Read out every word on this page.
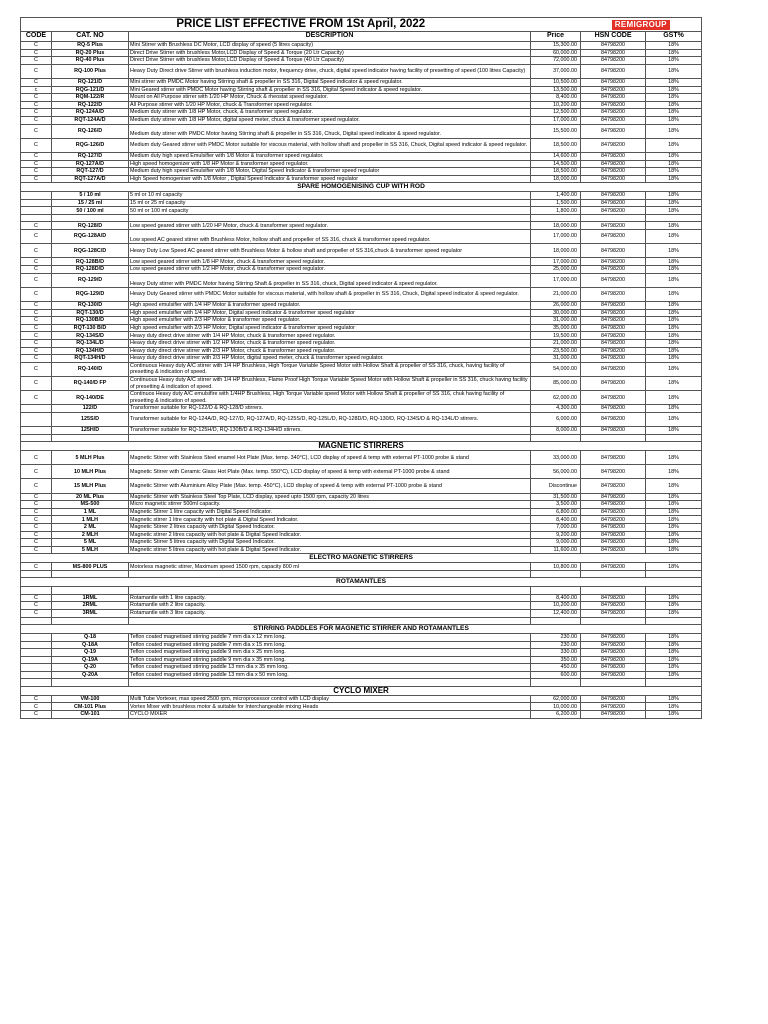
PRICE LIST EFFECTIVE FROM 1St April, 2022				REMIGROUP	
CODE	CAT. NO	DESCRIPTION	Price	HSN CODE	GST%
C	RQ-5 Plus	Mini Stirrer with Brushless DC Motor, LCD display of speed (5 litres capacity)	15,300.00	84798200	18%
C	RQ-20 Plus	Direct Drive Stirrer with brushless Motor,LCD Display of Speed & Torque (20 Ltr Capacity)	60,000.00	84798200	18%
C	RQ-40 Plus	Direct Drive Stirrer with brushless Motor,LCD Display of Speed & Torque (40 Ltr Capacity)	72,000.00	84798200	18%
C	RQ-100 Plus	Heavy Duty Direct drive Stirrer with brushless induction motor, frequency drive, chuck, digital speed indicator having facility of presetting of speed (100 litres Capacity)	37,000.00	84798200	18%
C	RQ-121/D	Mini stirrer with PMDC Motor having Stirring shaft & propeller in SS 316, Digital Speed indicator & speed regulator.	10,500.00	84798200	18%
c	RQG-121/D	Mini Geared stirrer with PMDC Motor having Stirring shaft & propeller in SS 316, Digital Speed indicator & speed regulator.	13,500.00	84798200	18%
C	RQM-122/R	Mount on All Purpose stirrer with 1/20 HP Motor, Chuck & rheostat speed regulator.	8,400.00	84798200	18%
C	RQ-122/D	All Purpose stirrer with 1/20 HP Motor, chuck & Transformer speed regulator.	10,200.00	84798200	18%
C	RQ-124A/D	Medium duty stirrer with 1/8 HP Motor, chuck, & transformer speed regulator.	12,500.00	84798200	18%
C	RQT-124A/D	Medium duty stirrer with 1/8 HP Motor, digital speed meter, chuck & transformer speed regulator.	17,000.00	84798200	18%
C	RQ-126/D	Medium duty stirrer with PMDC Motor having Stirring shaft & propeller in SS 316, Chuck, Digital speed indicator & speed regulator.	15,500.00	84798200	18%
C	RQG-126/D	Medium duty Geared stirrer with PMDC Motor suitable for viscous material, with hollow shaft and propeller in SS 316, Chuck, Digital speed indicator & speed regulator.	18,500.00	84798200	18%
C	RQ-127/D	Medium duty high speed Emulsifier with 1/8 Motor & transformer speed regulator.	14,600.00	84798200	18%
C	RQ-127A/D	High speed homogenizer with 1/8 HP Motor & transformer speed regulator.	14,500.00	84798200	18%
C	RQT-127/D	Medium duty high speed Emulsifier with 1/8 Motor, Digital Speed Indicator & transformer speed regulator	18,500.00	84798200	18%
C	RQT-127A/D	High Speed homogeniser with 1/8 Motor , Digital Speed Indicator & transformer speed regulator	18,000.00	84798200	18%
SPARE HOMOGENISING CUP WITH ROD					
	5 / 10 ml	5 ml or 10 ml capacity	1,400.00	84798200	18%
	15 / 25 ml	15 ml or 25 ml capacity	1,500.00	84798200	18%
	50 / 100 ml	50 ml or 100 ml capacity	1,800.00	84798200	18%

C	RQ-128/D	Low speed geared stirrer with 1/20 HP Motor, chuck & transformer speed regulator.	18,000.00	84798200	18%
C	RQG-128A/D	Low speed AC geared stirrer with Brushless Motor, hollow shaft and propeller of SS 316, chuck & transformer speed regulator.	17,000.00	84798200	18%
C	RQG-128C/D	Heavy Duty Low Speed AC geared stirrer with Brushless Motor & hollow shaft and propeller of SS 316,chuck & transformer speed regulator	18,000.00	84798200	18%
C	RQ-128B/D	Low speed geared stirrer with 1/8 HP Motor, chuck & transformer speed regulator.	17,000.00	84798200	18%
C	RQ-128D/D	Low speed geared stirrer with 1/2 HP Motor, chuck & transformer speed regulator.	25,000.00	84798200	18%
C	RQ-129/D	Heavy Duty stirrer with PMDC Motor having Stirring Shaft & propeller in SS 316, chuck, Digital speed indicator & speed regulator.	17,000.00	84798200	18%
C	RQG-129/D	Heavy Duty Geared stirrer with PMDC Motor suitable for viscous material, with hollow shaft & propeller in SS 316, Chuck, Digital speed indicator & speed regulator.	21,000.00	84798200	18%
C	RQ-130/D	High speed emulsifier with 1/4 HP Motor & transformer speed regulator.	26,000.00	84798200	18%
C	RQT-130/D	High speed emulsifier with 1/4 HP Motor, Digital speed indicator & transformer speed regulator	30,000.00	84798200	18%
C	RQ-130B/D	High speed emulsifier with 2/3 HP Motor & transformer speed regulator.	31,000.00	84798200	18%
C	RQT-130 B/D	High speed emulsifier with 2/3 HP Motor, Digital speed indicator & transformer speed regulator	35,000.00	84798200	18%
C	RQ-134S/D	Heavy duty direct drive stirrer with 1/4 HP Motor, chuck & transformer speed regulator.	19,500.00	84798200	18%
C	RQ-134L/D	Heavy duty direct drive stirrer with 1/2 HP Motor, chuck & transformer speed regulator.	21,000.00	84798200	18%
C	RQ-134H/D	Heavy duty direct drive stirrer with 2/3 HP Motor, chuck & transformer speed regulator.	23,500.00	84798200	18%
C	RQT-134H/D	Heavy duty direct drive stirrer with 2/3 HP Motor, digital speed meter, chuck & transformer speed regulator.	31,000.00	84798200	18%
C	RQ-140/D	Continuous Heavy duty A/C stirrer with 1/4 HP Brushless, High Torque Variable Speed Motor with Hollow Shaft & propeller of SS 316, chuck, having facility of presetting & indication of speed.	54,000.00	84798200	18%
C	RQ-140/D FP	Continuous Heavy duty A/C stirrer with 1/4 HP Brushless, Flame Proof High Torque Variable Speed Motor with Hollow Shaft & propeller in SS 316, chuck having facility of presetting & indication of speed.	85,000.00	84798200	18%
C	RQ-140/DE	Continuos Heavy duty A/C emulsifire with 1/4HP Brushless, High Torque Variable speed Motor with Hollow Shaft & propeller of SS 316, chuk having facility of presetting & indication of speed.	62,000.00	84798200	18%
	122/D	Transformer suitable for RQ-122/D & RQ-128/D stirrers.	4,300.00	84798200	18%
	125S/D	Transformer suitable for RQ-124A/D, RQ-127/D, RQ-127A/D, RQ-125S/D, RQ-125L/D, RQ-128D/D, RQ-130/D, RQ-134S/D & RQ-134L/D stirrers.	6,000.00	84798200	18%
	125H/D	Transformer suitable for RQ-125H/D, RQ-130B/D & RQ-134H/D stirrers.	8,000.00	84798200	18%

MAGNETIC STIRRERS					
C	5 MLH Plus	Magnetic Stirrer with Stainless Steel enamel Hot Plate (Max. temp. 340°C), LCD display of speed & temp with external PT-1000 probe & stand	33,000.00	84798200	18%
C	10 MLH Plus	Magnetic Stirrer with Ceramic Glass Hot Plate (Max. temp. 550°C), LCD display of speed & temp with external PT-1000 probe & stand	56,000.00	84798200	18%
C	15 MLH Plus	Magnetic Stirrer with Aluminium Alloy Plate (Max. temp. 450°C), LCD display of speed & temp with external PT-1000 probe & stand	Discontinue	84798200	18%
C	20 ML Plus	Magnetic Stirrer with Stainless Steel Top Plate, LCD display, speed upto 1500 rpm, capacity 20 litres	31,500.00	84798200	18%
C	MS-500	Micro magnetic stirrer 500ml capacity.	3,500.00	84798200	18%
C	1 ML	Magnetic Stirrer 1 litre capacity with Digital Speed Indicator.	6,800.00	84798200	18%
C	1 MLH	Magnetic stirrer 1 litre capacity with hot plate & Digital Speed Indicator.	8,400.00	84798200	18%
C	2 ML	Magnetic Stirrer 2 litres capacity with Digital Speed Indicator.	7,000.00	84798200	18%
C	2 MLH	Magnetic stirrer 2 litres capacity with hot plate & Digital Speed Indicator.	9,200.00	84798200	18%
C	5 ML	Magnetic Stirrer 5 litres capacity with Digital Speed Indicator.	9,000.00	84798200	18%
C	5 MLH	Magnetic stirrer 5 litres capacity with hot plate & Digital Speed Indicator.	11,600.00	84798200	18%
ELECTRO MAGNETIC STIRRERS					
C	MS-800 PLUS	Motorless magnetic stirrer, Maximum speed 1500 rpm, capacity 800 ml	10,800.00	84798200	18%

ROTAMANTLES					

C	1RML	Rotamantle with 1 litre capacity.	8,400.00	84798200	18%
C	2RML	Rotamantle with 2 litre capacity.	10,200.00	84798200	18%
C	3RML	Rotamantle with 3 litre capacity.	12,400.00	84798200	18%

STIRRING PADDLES FOR MAGNETIC STIRRER AND ROTAMANTLES					
	Q-18	Teflon coated magnetised stirring paddle 7 mm dia x 12 mm long.	230.00	84798200	18%
	Q-18A	Teflon coated magnetised stirring paddle 7 mm dia x 15 mm long.	230.00	84798200	18%
	Q-19	Teflon coated magnetised stirring paddle 9 mm dia x 25 mm long.	330.00	84798200	18%
	Q-19A	Teflon coated magnetised stirring paddle 9 mm dia x 35 mm long.	350.00	84798200	18%
	Q-20	Teflon coated magnetised stirring paddle 13 mm dia x 35 mm long.	450.00	84798200	18%
	Q-20A	Teflon coated magnetised stirring paddle 13 mm dia x 50 mm long.	600.00	84798200	18%

CYCLO MIXER					
C	VM-100	Multi Tube Vortexer, max speed 2500 rpm, microprocessor control with LCD display	62,000.00	84798200	18%
C	CM-101 Plus	Vortex Mixer with brushless motor & suitable for Interchangeable mixing Heads	10,000.00	84798200	18%
C	CM-101	CYCLO MIXER	6,200.00	84798200	18%
